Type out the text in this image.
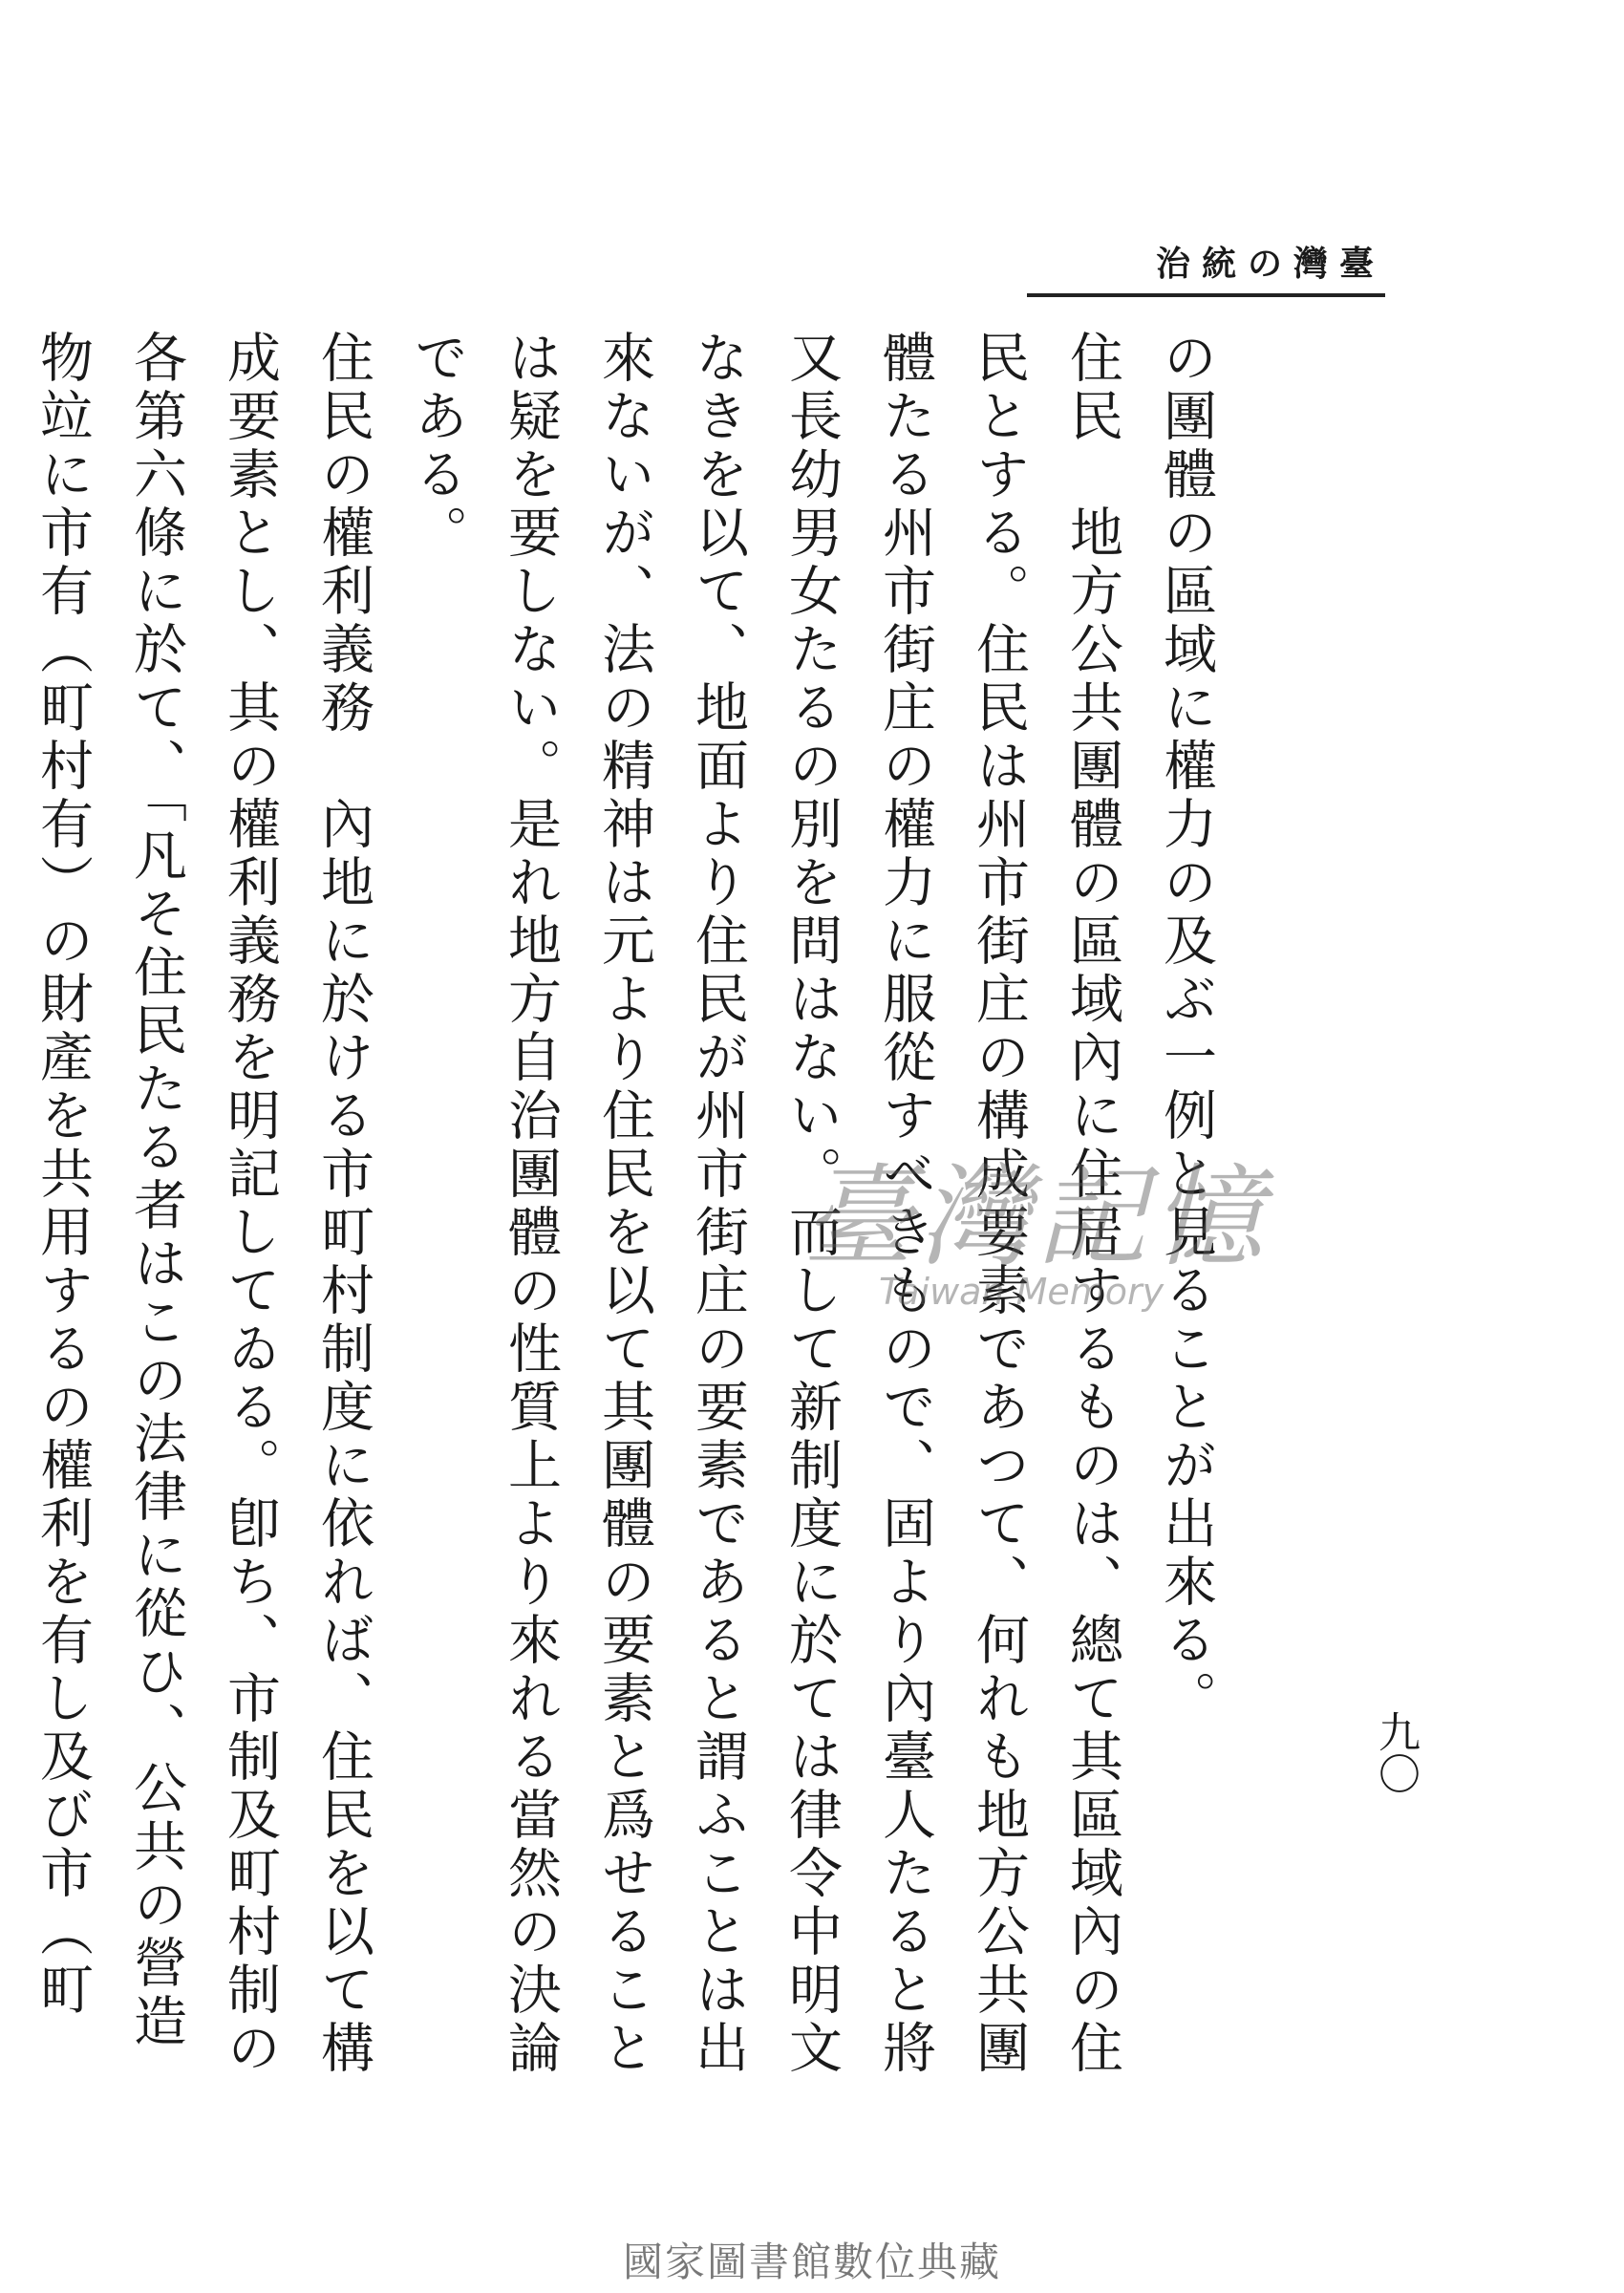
臺灣の統治
九〇

の團體の區域に權力の及ぶ一例と見ることが出來る。

住民　地方公共團體の區域內に住居するものは、總て其區域內の住民とする。住民は州市街庄の構成要素であつて、何れも地方公共團體たる州市街庄の權力に服從すべきもので、固より內臺人たると將又長幼男女たるの別を問はない。而して新制度に於ては律令中明文なきを以て、地面より住民が州市街庄の要素であると謂ふことは出來ないが、法の精神は元より住民を以て其團體の要素と爲せることは疑を要しない。是れ地方自治團體の性質上より來れる當然の決論である。

住民の權利義務　內地に於ける市町村制度に依れば、住民を以て構成要素とし、其の權利義務を明記してゐる。卽ち、市制及町村制の各第六條に於て、「凡そ住民たる者はこの法律に從ひ、公共の營造物竝に市有（町村有）の財產を共用するの權利を有し及び市（町

臺灣記憶
Taiwan Memory
國家圖書館數位典藏
